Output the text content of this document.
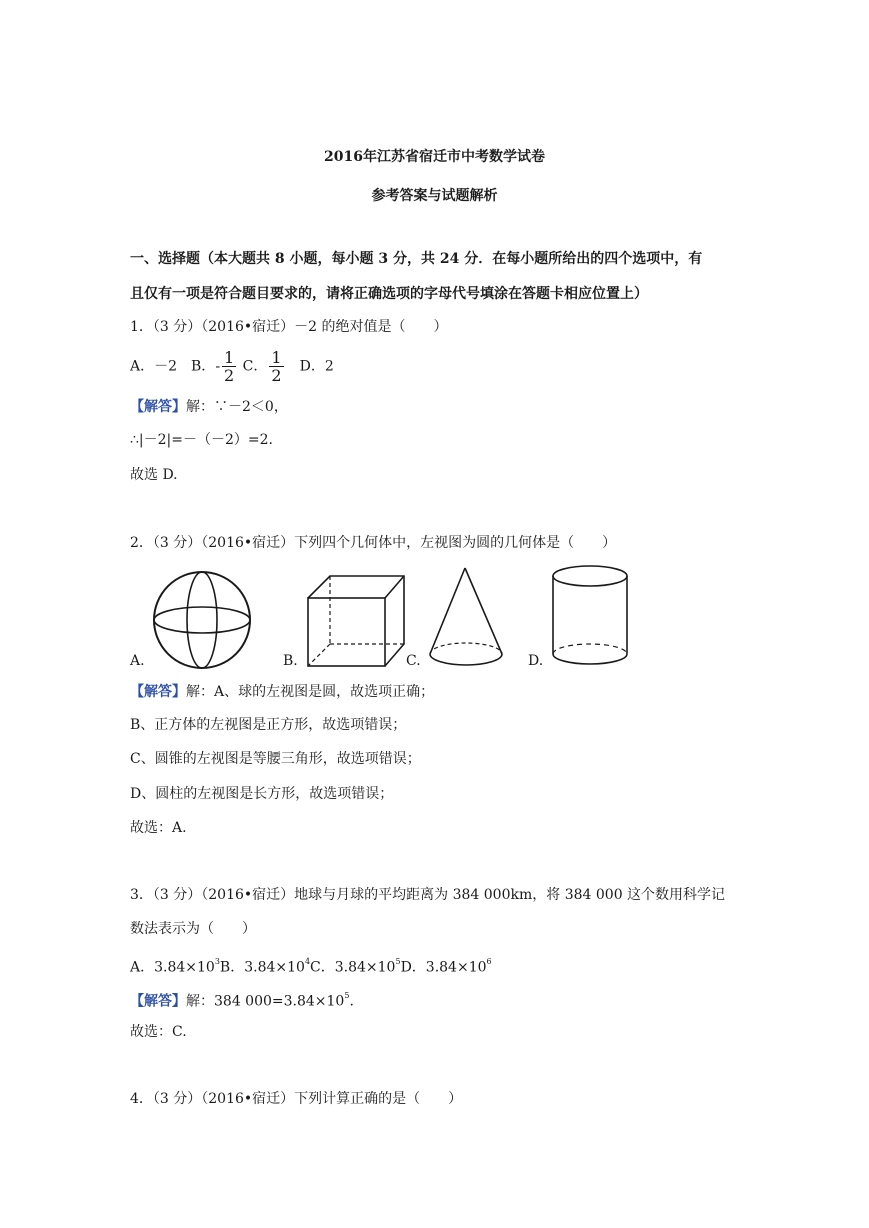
2016年江苏省宿迁市中考数学试卷
参考答案与试题解析
一、选择题（本大题共 8 小题，每小题 3 分，共 24 分．在每小题所给出的四个选项中，有
且仅有一项是符合题目要求的，请将正确选项的字母代号填涂在答题卡相应位置上）
1．（3 分）（2016•宿迁）－2 的绝对值是（　　）
A．－2　B．- $\frac{1}{2}$ C． $\frac{1}{2}$ 　D．2
【解答】解：∵－2＜0，
∴|－2|=－（－2）=2.
故选 D.
2．（3 分）（2016•宿迁）下列四个几何体中，左视图为圆的几何体是（　　）
A.	B.	C.	D.
【解答】解：A、球的左视图是圆，故选项正确；
B、正方体的左视图是正方形，故选项错误；
C、圆锥的左视图是等腰三角形，故选项错误；
D、圆柱的左视图是长方形，故选项错误；
故选：A.
3．（3 分）（2016•宿迁）地球与月球的平均距离为 384 000km，将 384 000 这个数用科学记
数法表示为（　　）
A．$3.84\times 10^3B$．$3.84\times 10^4C$．$3.84\times 10^5D$．$3.84\times 10^6$
【解答】解：384 $000=3.84\times 10^5$.
故选：C.
4．（3 分）（2016•宿迁）下列计算正确的是（　　）
